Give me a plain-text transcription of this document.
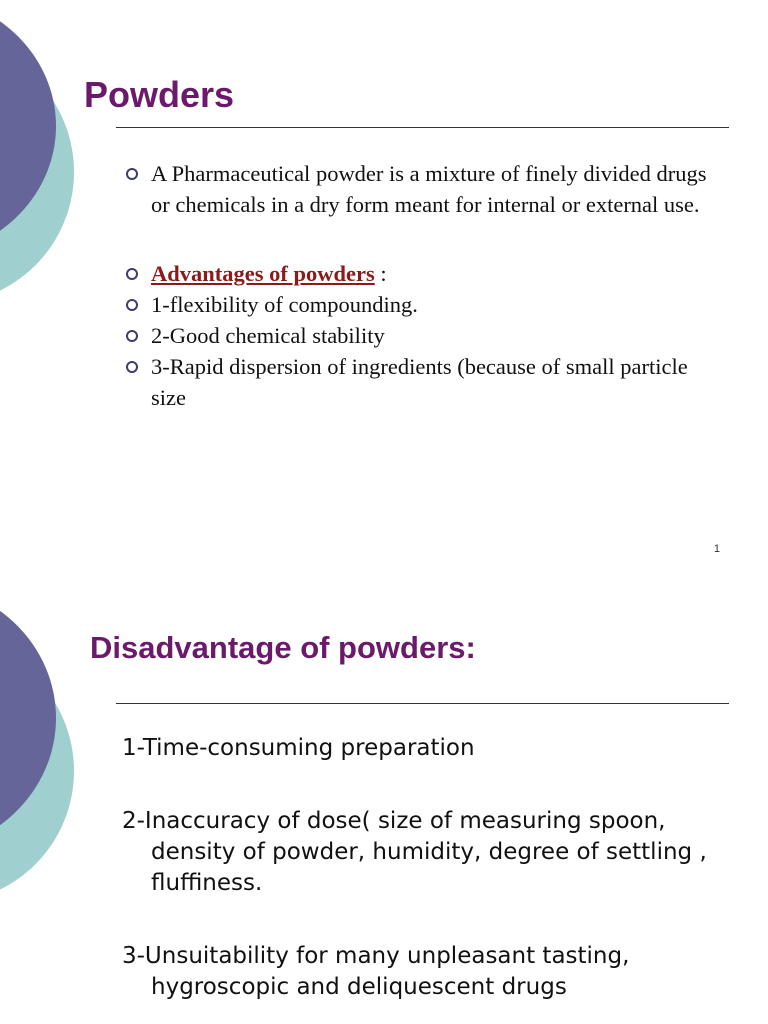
Powders
A Pharmaceutical powder is a mixture of finely divided drugs or chemicals in a dry form meant for internal or external use.
Advantages of powders :
1-flexibility of compounding.
2-Good chemical stability
3-Rapid dispersion of ingredients (because of small particle size
1
Disadvantage of powders:
1-Time-consuming preparation
2-Inaccuracy of dose( size of measuring spoon, density of powder, humidity, degree of settling , fluffiness.
3-Unsuitability for many unpleasant tasting, hygroscopic and deliquescent drugs
